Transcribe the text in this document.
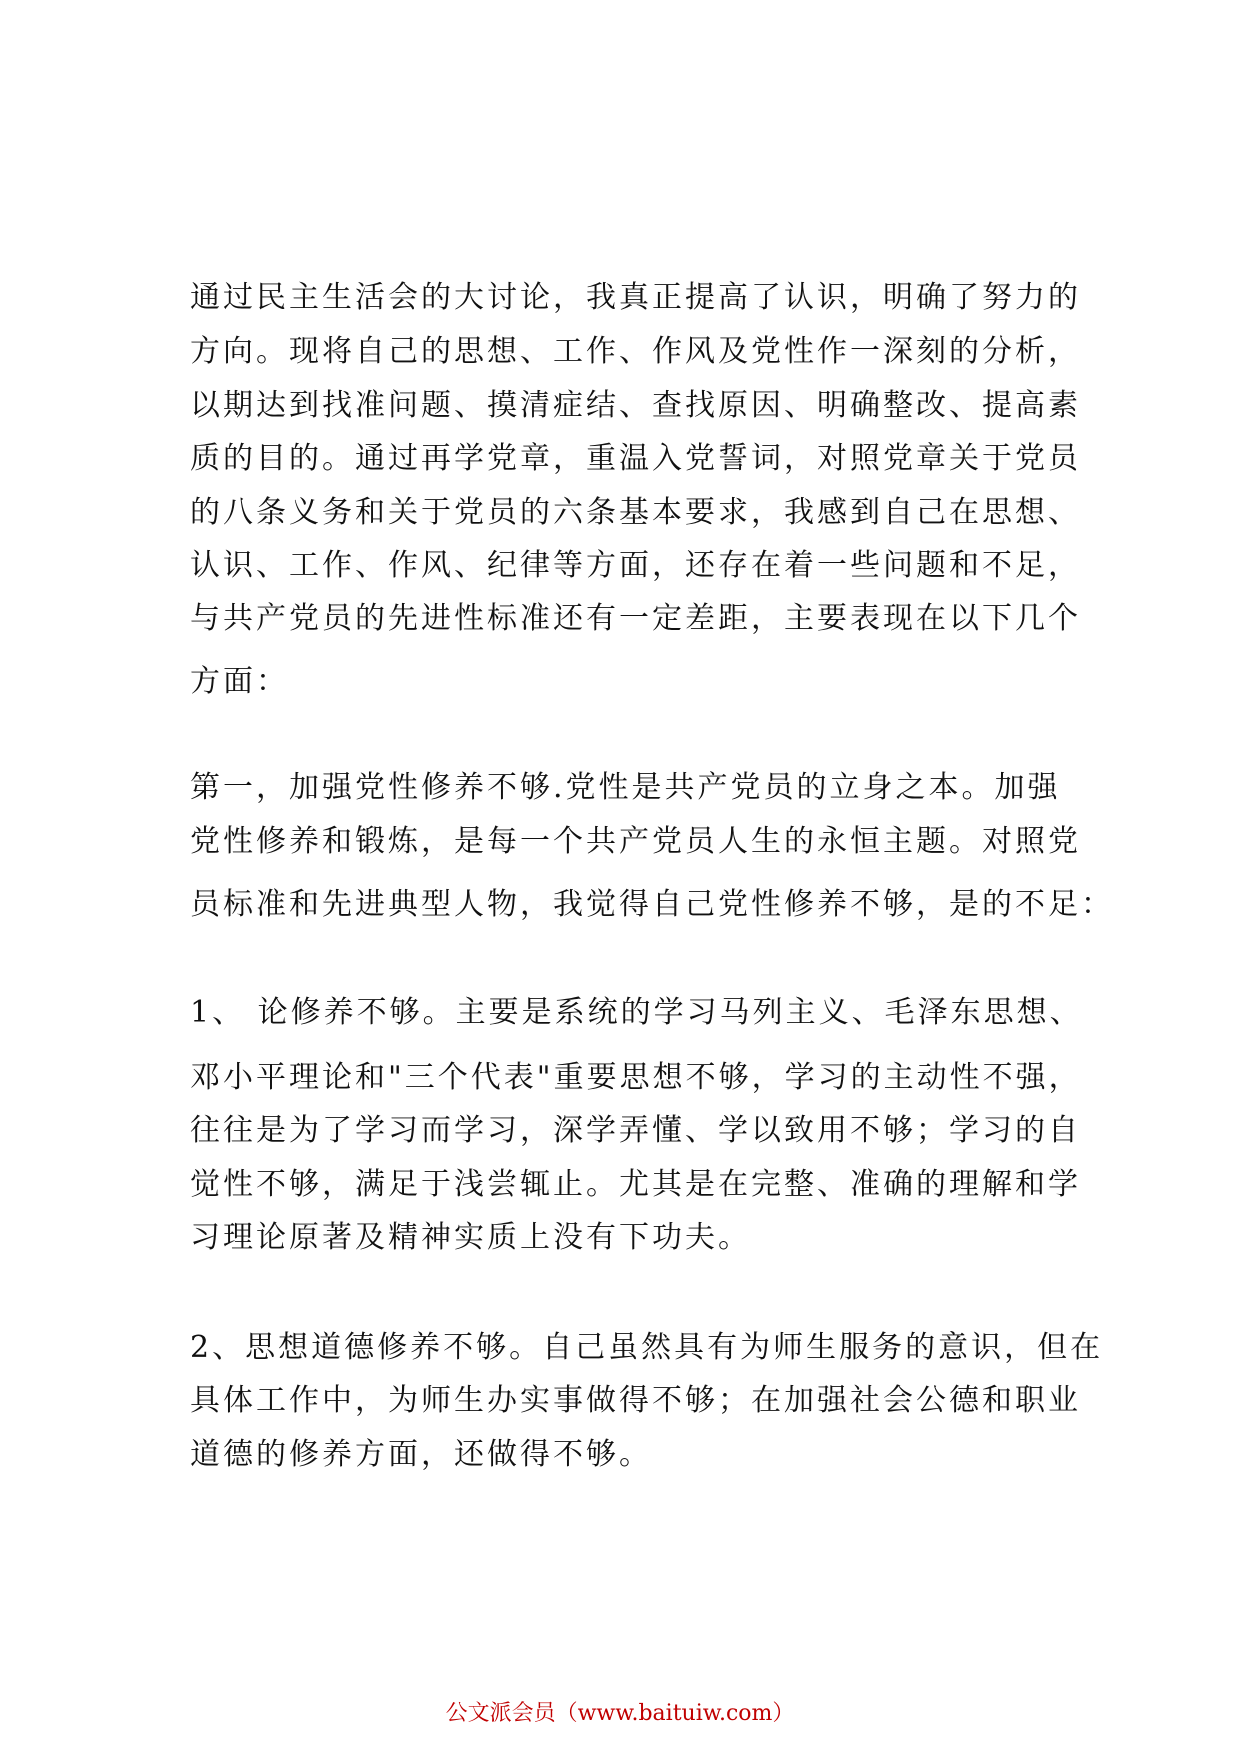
通过民主生活会的大讨论，我真正提高了认识，明确了努力的
方向。现将自己的思想、工作、作风及党性作一深刻的分析，
以期达到找准问题、摸清症结、查找原因、明确整改、提高素
质的目的。通过再学党章，重温入党誓词，对照党章关于党员
的八条义务和关于党员的六条基本要求，我感到自己在思想、
认识、工作、作风、纪律等方面，还存在着一些问题和不足，
与共产党员的先进性标准还有一定差距，主要表现在以下几个
方面：
第一，加强党性修养不够.党性是共产党员的立身之本。加强
党性修养和锻炼，是每一个共产党员人生的永恒主题。对照党
员标准和先进典型人物，我觉得自己党性修养不够，是的不足：
1、 论修养不够。主要是系统的学习马列主义、毛泽东思想、
邓小平理论和"三个代表"重要思想不够，学习的主动性不强，
往往是为了学习而学习，深学弄懂、学以致用不够；学习的自
觉性不够，满足于浅尝辄止。尤其是在完整、准确的理解和学
习理论原著及精神实质上没有下功夫。
2、思想道德修养不够。自己虽然具有为师生服务的意识，但在
具体工作中，为师生办实事做得不够；在加强社会公德和职业
道德的修养方面，还做得不够。
公文派会员（www.baituiw.com）
